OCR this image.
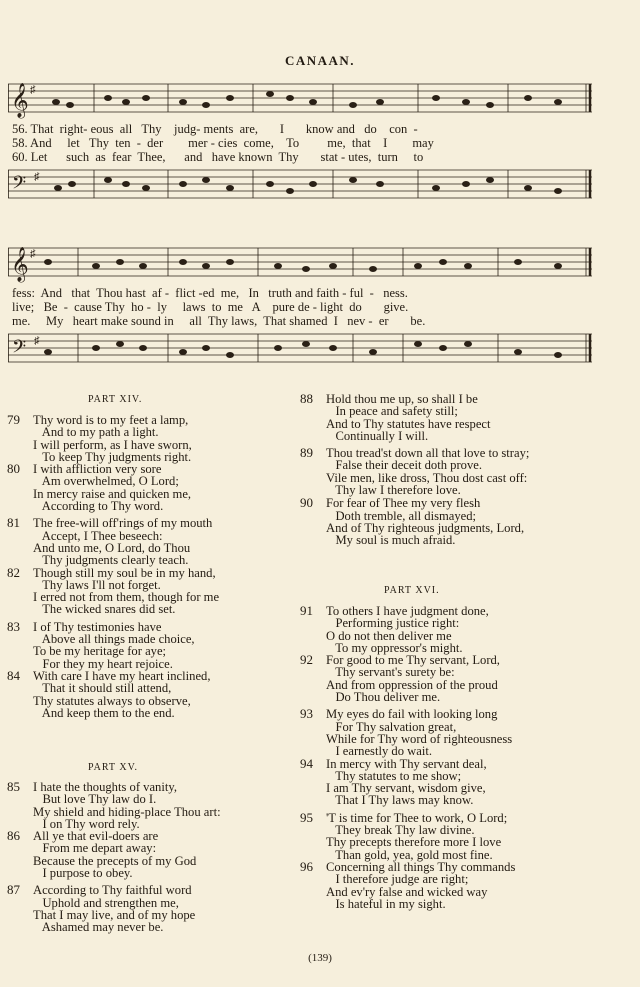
CANAAN.
𝄞 ♯
56. That  right- eous  all   Thy    judg- ments  are,       I       know and   do    con  -
58. And     let   Thy  ten  -  der        mer - cies  come,    To         me,  that    I        may
60. Let      such  as  fear  Thee,      and   have known  Thy       stat - utes,  turn     to
𝄢 ♯
𝄞 ♯
fess:  And   that  Thou hast  af -  flict -ed  me,   In   truth and faith - ful  -   ness.
live;   Be  -  cause Thy  ho -  ly     laws  to  me   A    pure de - light  do       give.
me.     My   heart make sound in     all  Thy laws,  That shamed  I   nev -  er       be.
𝄢 ♯
PART XIV.
79 Thy word is to my feet a lamp,
And to my path a light.
I will perform, as I have sworn,
To keep Thy judgments right.
80 I with affliction very sore
Am overwhelmed, O Lord;
In mercy raise and quicken me,
According to Thy word.
81 The free-will off'rings of my mouth
Accept, I Thee beseech:
And unto me, O Lord, do Thou
Thy judgments clearly teach.
82 Though still my soul be in my hand,
Thy laws I'll not forget.
I erred not from them, though for me
The wicked snares did set.
83 I of Thy testimonies have
Above all things made choice,
To be my heritage for aye;
For they my heart rejoice.
84 With care I have my heart inclined,
That it should still attend,
Thy statutes always to observe,
And keep them to the end.
PART XV.
85 I hate the thoughts of vanity,
But love Thy law do I.
My shield and hiding-place Thou art:
I on Thy word rely.
86 All ye that evil-doers are
From me depart away:
Because the precepts of my God
I purpose to obey.
87 According to Thy faithful word
Uphold and strengthen me,
That I may live, and of my hope
Ashamed may never be.
88 Hold thou me up, so shall I be
In peace and safety still;
And to Thy statutes have respect
Continually I will.
89 Thou tread'st down all that love to stray;
False their deceit doth prove.
Vile men, like dross, Thou dost cast off:
Thy law I therefore love.
90 For fear of Thee my very flesh
Doth tremble, all dismayed;
And of Thy righteous judgments, Lord,
My soul is much afraid.
PART XVI.
91 To others I have judgment done,
Performing justice right:
O do not then deliver me
To my oppressor's might.
92 For good to me Thy servant, Lord,
Thy servant's surety be:
And from oppression of the proud
Do Thou deliver me.
93 My eyes do fail with looking long
For Thy salvation great,
While for Thy word of righteousness
I earnestly do wait.
94 In mercy with Thy servant deal,
Thy statutes to me show;
I am Thy servant, wisdom give,
That I Thy laws may know.
95 'T is time for Thee to work, O Lord;
They break Thy law divine.
Thy precepts therefore more I love
Than gold, yea, gold most fine.
96 Concerning all things Thy commands
I therefore judge are right;
And ev'ry false and wicked way
Is hateful in my sight.
(139)
